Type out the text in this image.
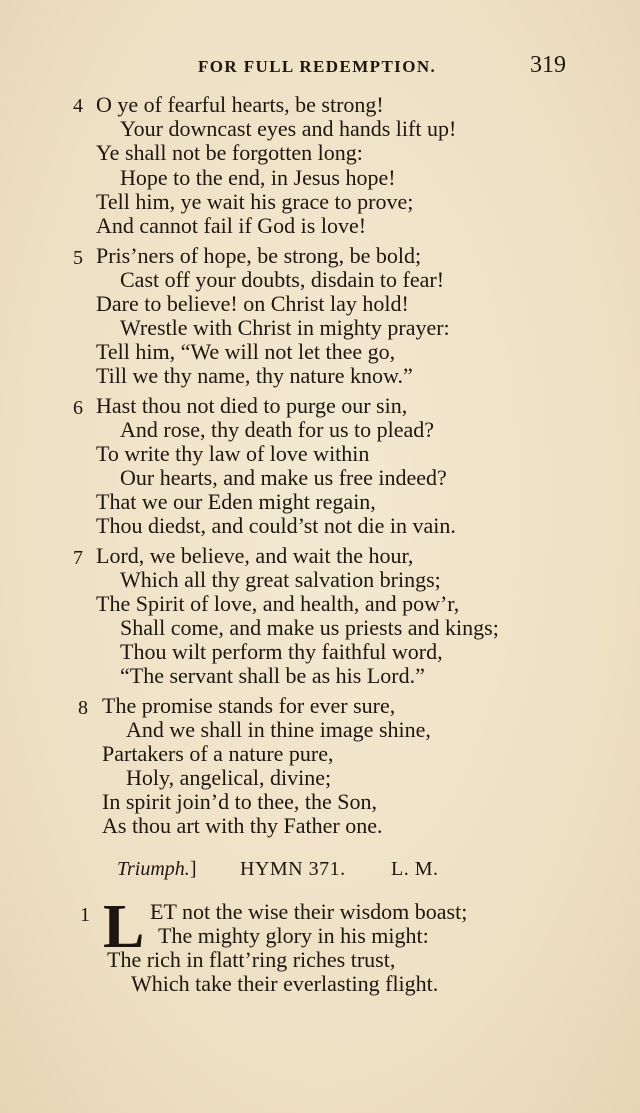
FOR FULL REDEMPTION.	319
4 O ye of fearful hearts, be strong!
Your downcast eyes and hands lift up!
Ye shall not be forgotten long:
Hope to the end, in Jesus hope!
Tell him, ye wait his grace to prove;
And cannot fail if God is love!
5 Pris’ners of hope, be strong, be bold;
Cast off your doubts, disdain to fear!
Dare to believe! on Christ lay hold!
Wrestle with Christ in mighty prayer:
Tell him, “We will not let thee go,
Till we thy name, thy nature know.”
6 Hast thou not died to purge our sin,
And rose, thy death for us to plead?
To write thy law of love within
Our hearts, and make us free indeed?
That we our Eden might regain,
Thou diedst, and could’st not die in vain.
7 Lord, we believe, and wait the hour,
Which all thy great salvation brings;
The Spirit of love, and health, and pow’r,
Shall come, and make us priests and kings;
Thou wilt perform thy faithful word,
“The servant shall be as his Lord.”
8 The promise stands for ever sure,
And we shall in thine image shine,
Partakers of a nature pure,
Holy, angelical, divine;
In spirit join’d to thee, the Son,
As thou art with thy Father one.
Triumph.] HYMN 371. L. M.
1 L ET not the wise their wisdom boast;
The mighty glory in his might:
The rich in flatt’ring riches trust,
Which take their everlasting flight.
